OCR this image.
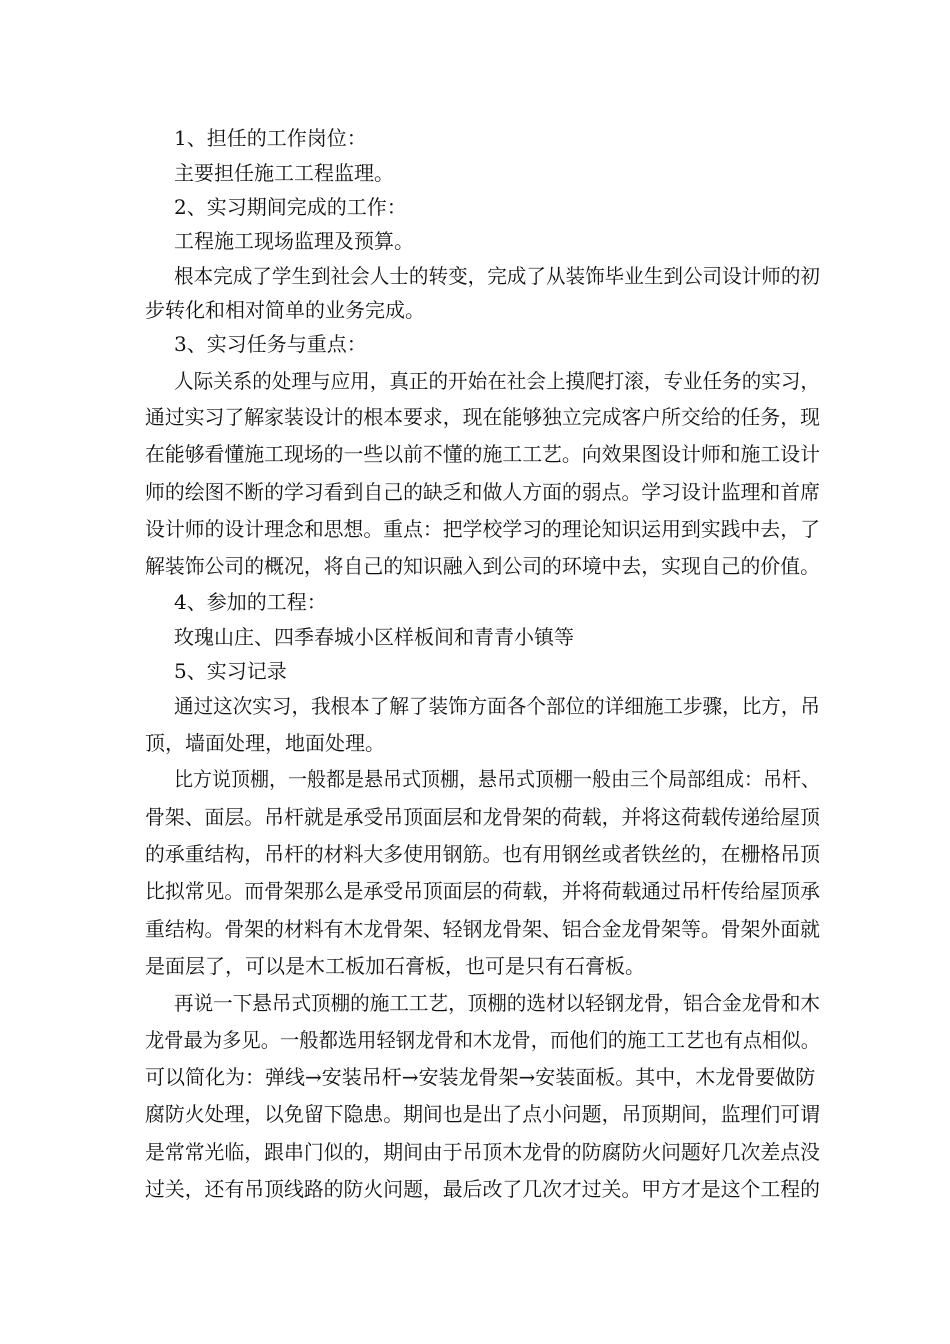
1、担任的工作岗位：

主要担任施工工程监理。

2、实习期间完成的工作：

工程施工现场监理及预算。

根本完成了学生到社会人士的转变，完成了从装饰毕业生到公司设计师的初

步转化和相对简单的业务完成。

3、实习任务与重点：

人际关系的处理与应用，真正的开始在社会上摸爬打滚，专业任务的实习，

通过实习了解家装设计的根本要求，现在能够独立完成客户所交给的任务，现

在能够看懂施工现场的一些以前不懂的施工工艺。向效果图设计师和施工设计

师的绘图不断的学习看到自己的缺乏和做人方面的弱点。学习设计监理和首席

设计师的设计理念和思想。重点：把学校学习的理论知识运用到实践中去，了

解装饰公司的概况，将自己的知识融入到公司的环境中去，实现自己的价值。

4、参加的工程：

玫瑰山庄、四季春城小区样板间和青青小镇等

5、实习记录

通过这次实习，我根本了解了装饰方面各个部位的详细施工步骤，比方，吊

顶，墙面处理，地面处理。

比方说顶棚，一般都是悬吊式顶棚，悬吊式顶棚一般由三个局部组成：吊杆、

骨架、面层。吊杆就是承受吊顶面层和龙骨架的荷载，并将这荷载传递给屋顶

的承重结构，吊杆的材料大多使用钢筋。也有用钢丝或者铁丝的，在栅格吊顶

比拟常见。而骨架那么是承受吊顶面层的荷载，并将荷载通过吊杆传给屋顶承

重结构。骨架的材料有木龙骨架、轻钢龙骨架、铝合金龙骨架等。骨架外面就

是面层了，可以是木工板加石膏板，也可是只有石膏板。

再说一下悬吊式顶棚的施工工艺，顶棚的选材以轻钢龙骨，铝合金龙骨和木

龙骨最为多见。一般都选用轻钢龙骨和木龙骨，而他们的施工工艺也有点相似。

可以简化为：弹线→安装吊杆→安装龙骨架→安装面板。其中，木龙骨要做防

腐防火处理，以免留下隐患。期间也是出了点小问题，吊顶期间，监理们可谓

是常常光临，跟串门似的，期间由于吊顶木龙骨的防腐防火问题好几次差点没

过关，还有吊顶线路的防火问题，最后改了几次才过关。甲方才是这个工程的
